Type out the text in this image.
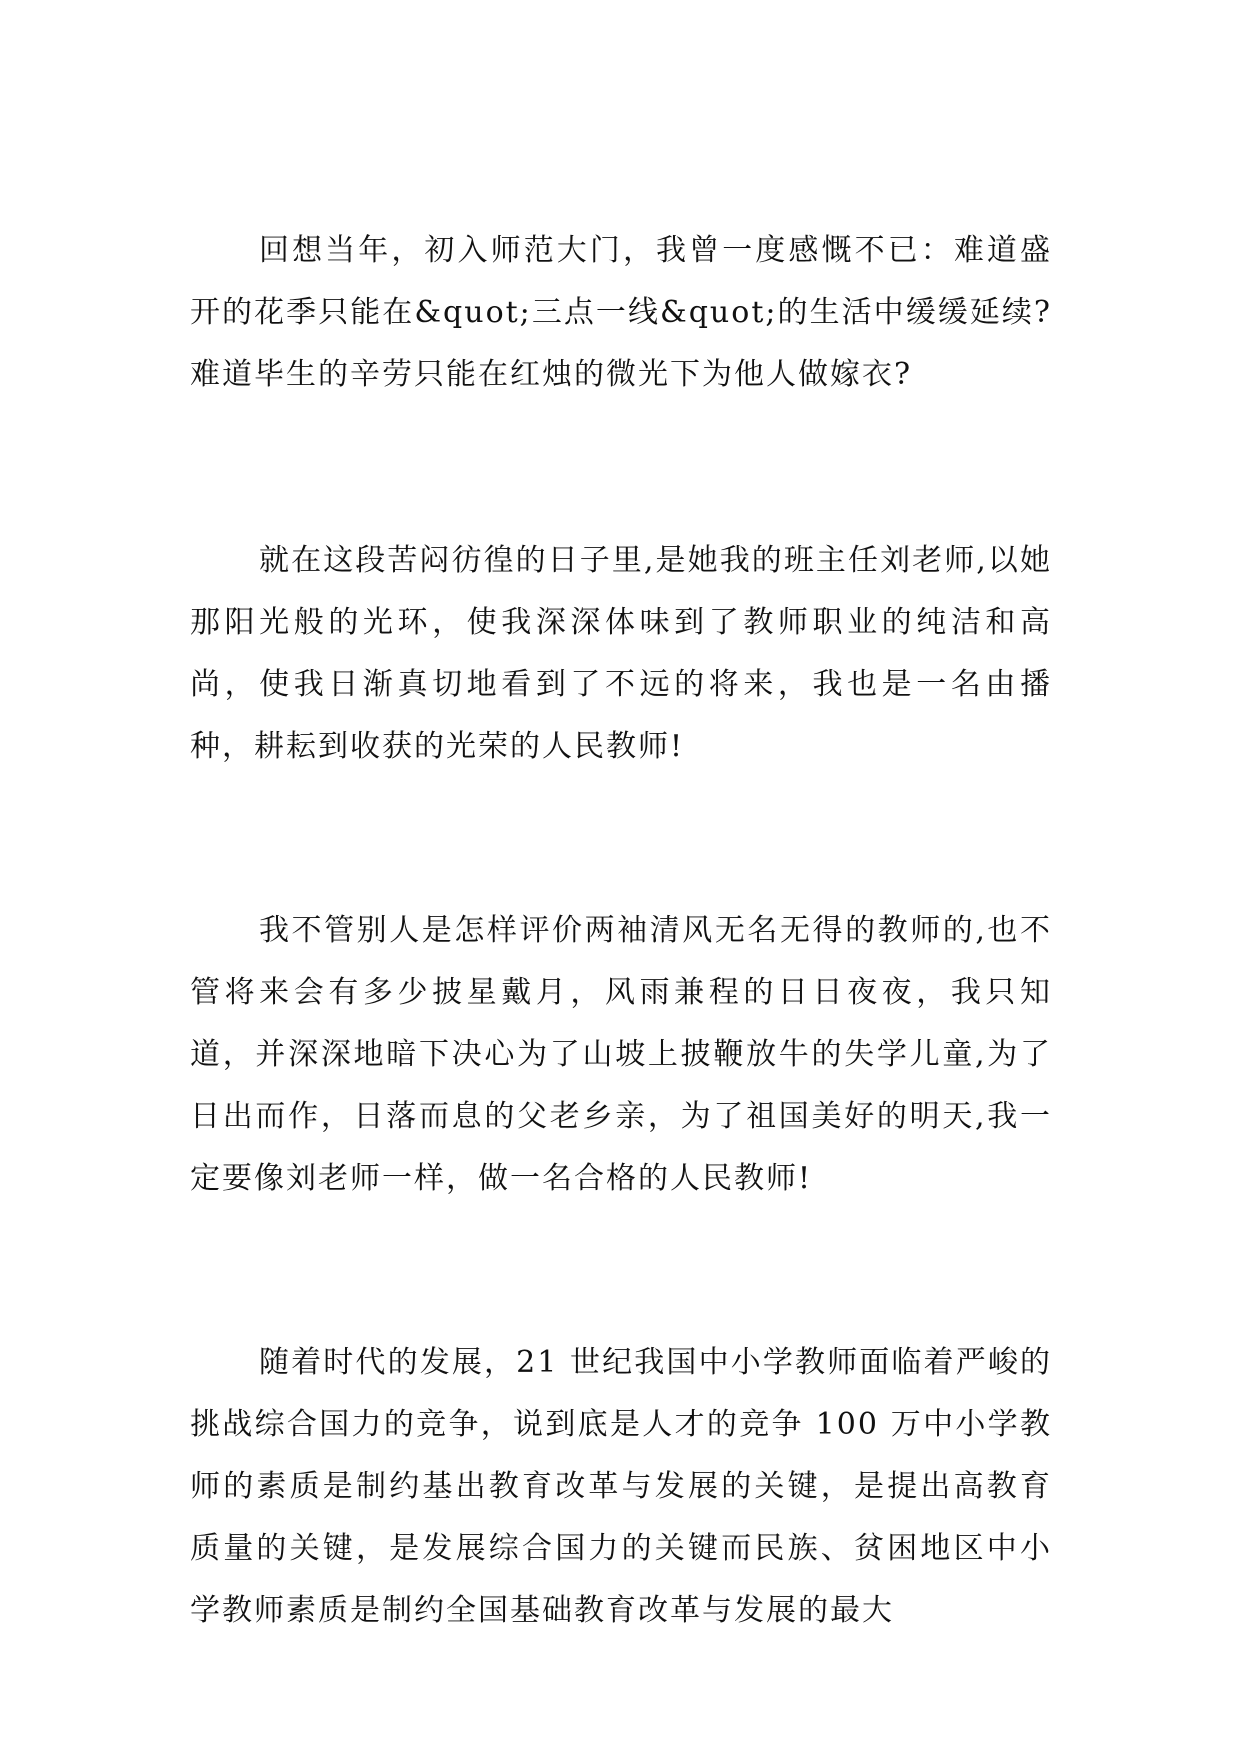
回想当年，初入师范大门，我曾一度感慨不已：难道盛开的花季只能在&quot;三点一线&quot;的生活中缓缓延续?难道毕生的辛劳只能在红烛的微光下为他人做嫁衣?

就在这段苦闷彷徨的日子里,是她我的班主任刘老师,以她那阳光般的光环，使我深深体味到了教师职业的纯洁和高尚，使我日渐真切地看到了不远的将来，我也是一名由播种，耕耘到收获的光荣的人民教师!

我不管别人是怎样评价两袖清风无名无得的教师的,也不管将来会有多少披星戴月，风雨兼程的日日夜夜，我只知道，并深深地暗下决心为了山坡上披鞭放牛的失学儿童,为了日出而作，日落而息的父老乡亲，为了祖国美好的明天,我一定要像刘老师一样，做一名合格的人民教师!

随着时代的发展，21 世纪我国中小学教师面临着严峻的挑战综合国力的竞争，说到底是人才的竞争 100 万中小学教师的素质是制约基出教育改革与发展的关键，是提出高教育质量的关键，是发展综合国力的关键而民族、贫困地区中小学教师素质是制约全国基础教育改革与发展的最大
